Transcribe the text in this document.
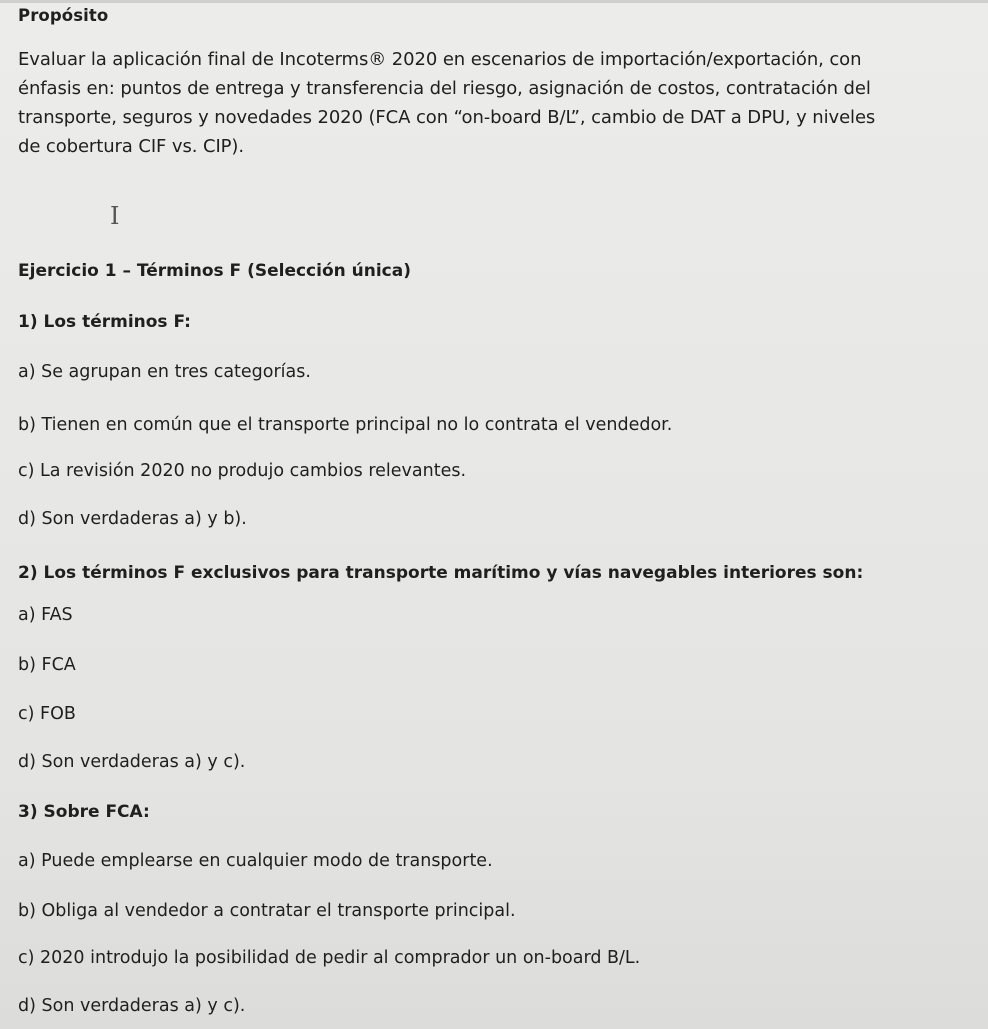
Propósito
Evaluar la aplicación final de Incoterms® 2020 en escenarios de importación/exportación, con
énfasis en: puntos de entrega y transferencia del riesgo, asignación de costos, contratación del
transporte, seguros y novedades 2020 (FCA con “on-board B/L”, cambio de DAT a DPU, y niveles
de cobertura CIF vs. CIP).
I
Ejercicio 1 – Términos F (Selección única)
1) Los términos F:
a) Se agrupan en tres categorías.
b) Tienen en común que el transporte principal no lo contrata el vendedor.
c) La revisión 2020 no produjo cambios relevantes.
d) Son verdaderas a) y b).
2) Los términos F exclusivos para transporte marítimo y vías navegables interiores son:
a) FAS
b) FCA
c) FOB
d) Son verdaderas a) y c).
3) Sobre FCA:
a) Puede emplearse en cualquier modo de transporte.
b) Obliga al vendedor a contratar el transporte principal.
c) 2020 introdujo la posibilidad de pedir al comprador un on-board B/L.
d) Son verdaderas a) y c).
